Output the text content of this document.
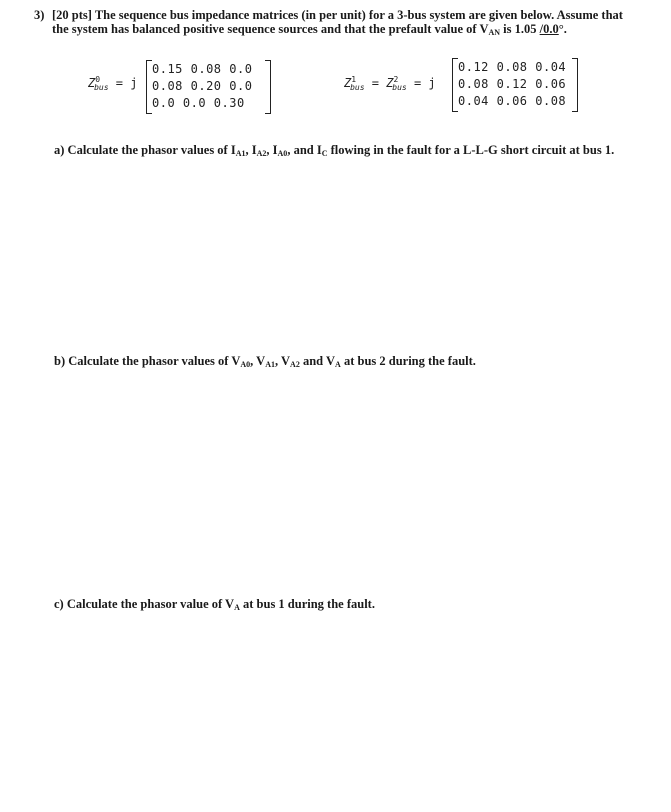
3) [20 pts] The sequence bus impedance matrices (in per unit) for a 3-bus system are given below. Assume that
the system has balanced positive sequence sources and that the prefault value of VAN is 1.05 /0.0°.
$Z^0_{bus} = j$
0.15 0.08 0.0
0.08 0.20 0.0
0.0 0.0 0.30
$Z^1_{bus} = Z^2_{bus} = j$
0.12 0.08 0.04
0.08 0.12 0.06
0.04 0.06 0.08
a) Calculate the phasor values of IA1, IA2, IA0, and IC flowing in the fault for a L-L-G short circuit at bus 1.
b) Calculate the phasor values of VA0, VA1, VA2 and VA at bus 2 during the fault.
c) Calculate the phasor value of VA at bus 1 during the fault.
